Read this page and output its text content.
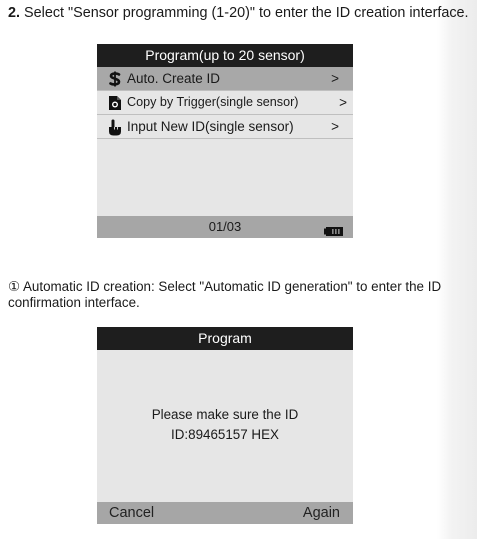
2. Select "Sensor programming (1-20)" to enter the ID creation interface.
Program(up to 20 sensor)
Auto. Create ID	>
Copy by Trigger(single sensor)	>
Input New ID(single sensor)	>
01/03
① Automatic ID creation: Select "Automatic ID generation" to enter the ID confirmation interface.
Program
Please make sure the ID
ID:89465157 HEX
Cancel	Again
